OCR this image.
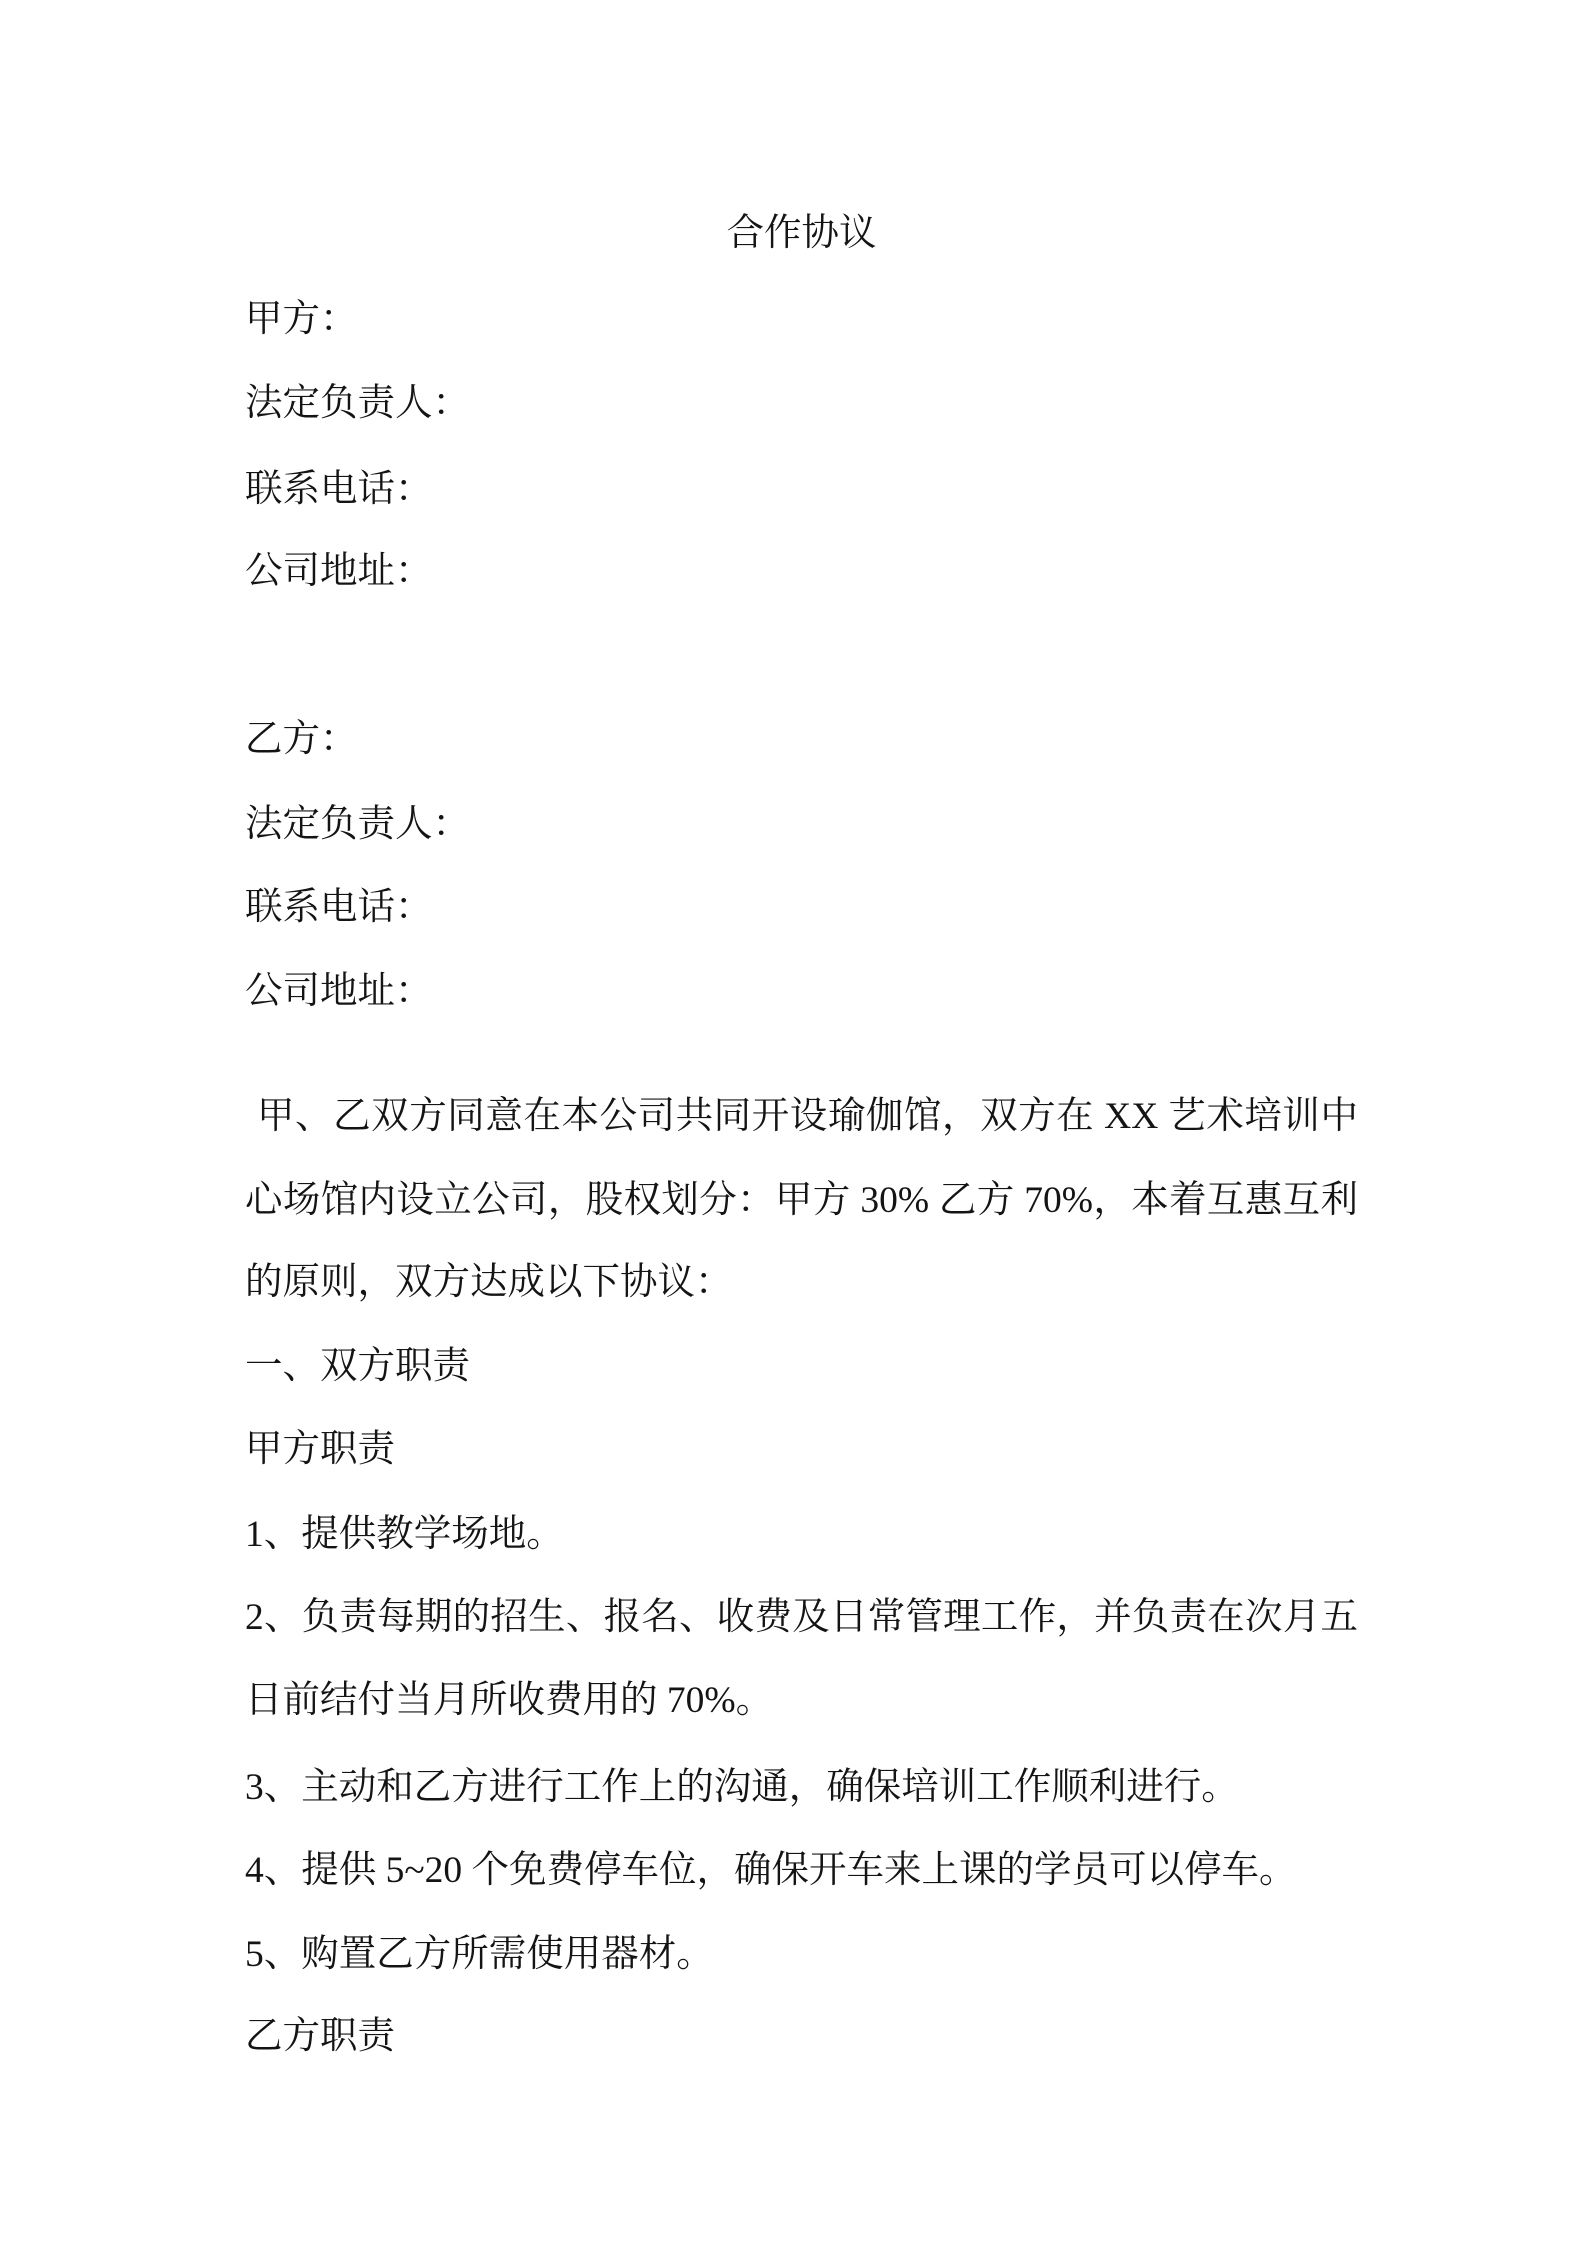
合作协议
甲方：
法定负责人：
联系电话：
公司地址：
乙方：
法定负责人：
联系电话：
公司地址：
甲、乙双方同意在本公司共同开设瑜伽馆，双方在 XX 艺术培训中
心场馆内设立公司，股权划分：甲方 30% 乙方 70%，本着互惠互利
的原则，双方达成以下协议：
一、双方职责
甲方职责
1、提供教学场地。
2、负责每期的招生、报名、收费及日常管理工作，并负责在次月五
日前结付当月所收费用的 70%。
3、主动和乙方进行工作上的沟通，确保培训工作顺利进行。
4、提供 5~20 个免费停车位，确保开车来上课的学员可以停车。
5、购置乙方所需使用器材。
乙方职责
